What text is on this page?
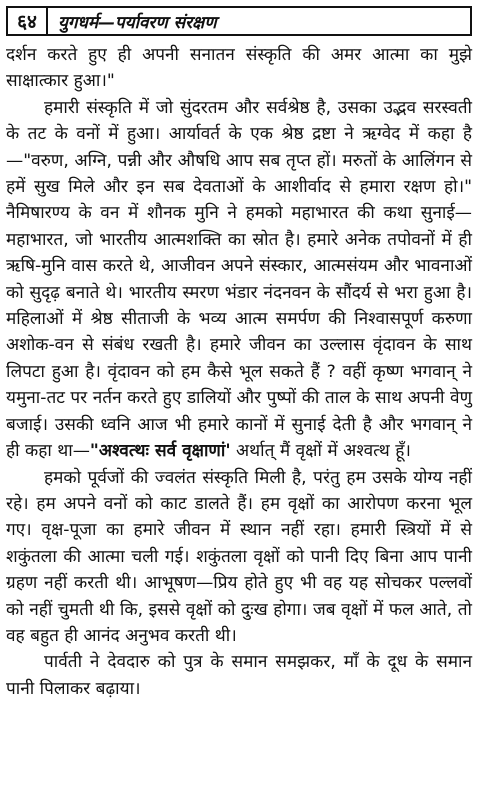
६४	युगधर्म—पर्यावरण संरक्षण

दर्शन करते हुए ही अपनी सनातन संस्कृति की अमर आत्मा का मुझे साक्षात्कार हुआ।"

हमारी संस्कृति में जो सुंदरतम और सर्वश्रेष्ठ है, उसका उद्भव सरस्वती के तट के वनों में हुआ। आर्यावर्त के एक श्रेष्ठ द्रष्टा ने ऋग्वेद में कहा है—"वरुण, अग्नि, पन्नी और औषधि आप सब तृप्त हों। मरुतों के आलिंगन से हमें सुख मिले और इन सब देवताओं के आशीर्वाद से हमारा रक्षण हो।" नैमिषारण्य के वन में शौनक मुनि ने हमको महाभारत की कथा सुनाई— महाभारत, जो भारतीय आत्मशक्ति का स्रोत है। हमारे अनेक तपोवनों में ही ऋषि-मुनि वास करते थे, आजीवन अपने संस्कार, आत्मसंयम और भावनाओं को सुदृढ़ बनाते थे। भारतीय स्मरण भंडार नंदनवन के सौंदर्य से भरा हुआ है। महिलाओं में श्रेष्ठ सीताजी के भव्य आत्म समर्पण की निश्वासपूर्ण करुणा अशोक-वन से संबंध रखती है। हमारे जीवन का उल्लास वृंदावन के साथ लिपटा हुआ है। वृंदावन को हम कैसे भूल सकते हैं ? वहीं कृष्ण भगवान् ने यमुना-तट पर नर्तन करते हुए डालियों और पुष्पों की ताल के साथ अपनी वेणु बजाई। उसकी ध्वनि आज भी हमारे कानों में सुनाई देती है और भगवान् ने ही कहा था—"अश्वत्थः सर्व वृक्षाणां' अर्थात् मैं वृक्षों में अश्वत्थ हूँ।

हमको पूर्वजों की ज्वलंत संस्कृति मिली है, परंतु हम उसके योग्य नहीं रहे। हम अपने वनों को काट डालते हैं। हम वृक्षों का आरोपण करना भूल गए। वृक्ष-पूजा का हमारे जीवन में स्थान नहीं रहा। हमारी स्त्रियों में से शकुंतला की आत्मा चली गई। शकुंतला वृक्षों को पानी दिए बिना आप पानी ग्रहण नहीं करती थी। आभूषण—प्रिय होते हुए भी वह यह सोचकर पल्लवों को नहीं चुमती थी कि, इससे वृक्षों को दुःख होगा। जब वृक्षों में फल आते, तो वह बहुत ही आनंद अनुभव करती थी।

पार्वती ने देवदारु को पुत्र के समान समझकर, माँ के दूध के समान पानी पिलाकर बढ़ाया।
